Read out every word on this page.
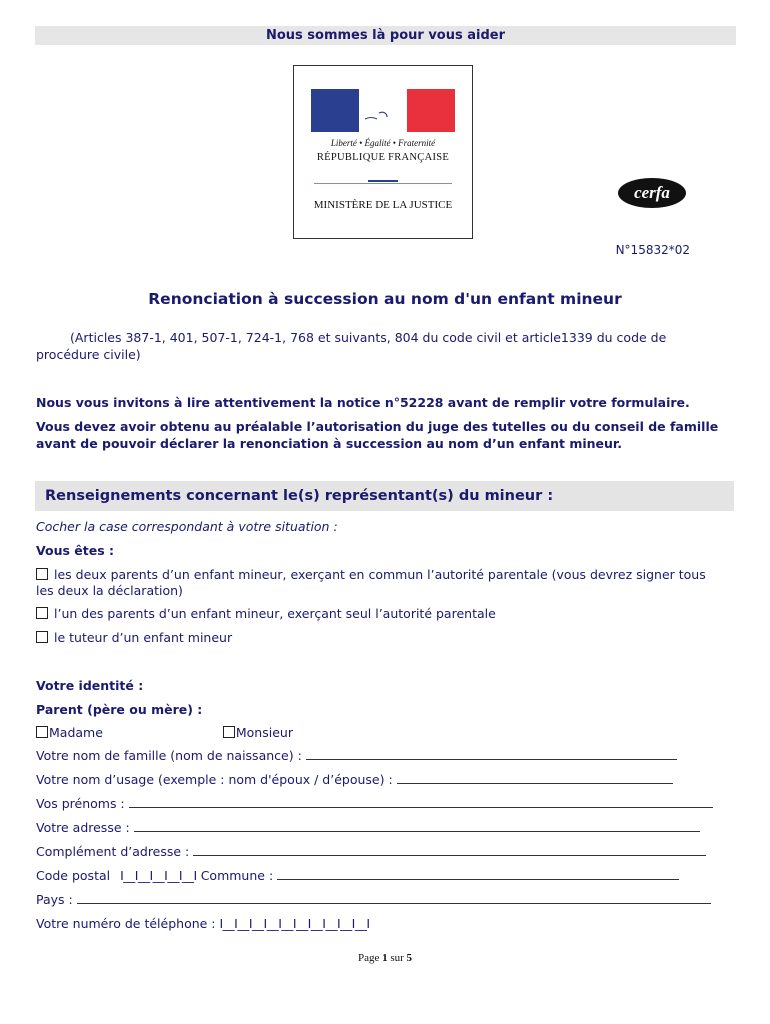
Nous sommes là pour vous aider
Liberté • Égalité • Fraternité
RÉPUBLIQUE FRANÇAISE
MINISTÈRE DE LA JUSTICE
cerfa
N°15832*02
Renonciation à succession au nom d'un enfant mineur
(Articles 387-1, 401, 507-1, 724-1, 768 et suivants, 804 du code civil et article1339 du code de procédure civile)
Nous vous invitons à lire attentivement la notice n°52228 avant de remplir votre formulaire.
Vous devez avoir obtenu au préalable l’autorisation du juge des tutelles ou du conseil de famille avant de pouvoir déclarer la renonciation à succession au nom d’un enfant mineur.
Renseignements concernant le(s) représentant(s) du mineur :
Cocher la case correspondant à votre situation :
Vous êtes :
les deux parents d’un enfant mineur, exerçant en commun l’autorité parentale (vous devrez signer tous les deux la déclaration)
l’un des parents d’un enfant mineur, exerçant seul l’autorité parentale
le tuteur d’un enfant mineur
Votre identité :
Parent (père ou mère) :
Madame	Monsieur
Votre nom de famille (nom de naissance) :
Votre nom d’usage (exemple : nom d'époux / d’épouse) :
Vos prénoms :
Votre adresse :
Complément d’adresse :
Code postal I__I__I__I__I__I Commune :
Pays :
Votre numéro de téléphone : I__I__I__I__I__I__I__I__I__I__I
Page 1 sur 5
